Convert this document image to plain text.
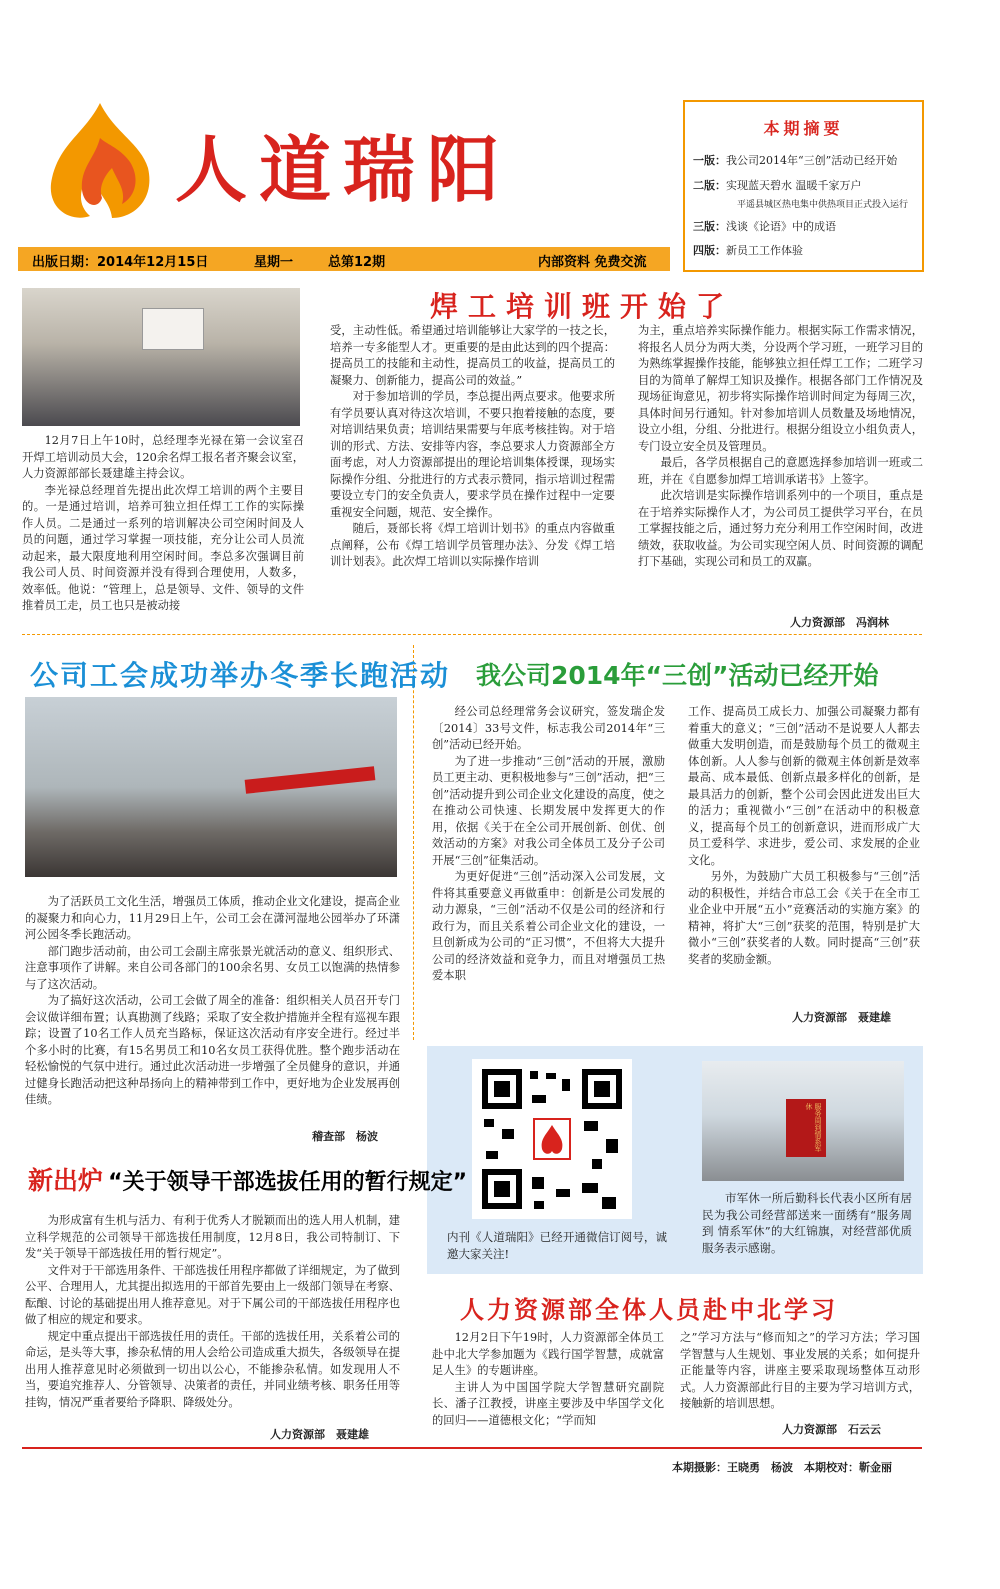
人道瑞阳
出版日期：2014年12月15日	星期一	总第12期	内部资料 免费交流
本期摘要
一版：我公司2014年“三创”活动已经开始
二版：实现蓝天碧水 温暖千家万户
平遥县城区热电集中供热项目正式投入运行
三版：浅谈《论语》中的成语
四版：新员工工作体验
焊工培训班开始了

12月7日上午10时，总经理李光禄在第一会议室召开焊工培训动员大会，120余名焊工报名者齐聚会议室，人力资源部部长聂建雄主持会议。

李光禄总经理首先提出此次焊工培训的两个主要目的。一是通过培训，培养可独立担任焊工工作的实际操作人员。二是通过一系列的培训解决公司空闲时间及人员的问题，通过学习掌握一项技能，充分让公司人员流动起来，最大限度地利用空闲时间。李总多次强调目前我公司人员、时间资源并没有得到合理使用，人数多，效率低。他说：“管理上，总是领导、文件、领导的文件推着员工走，员工也只是被动接

受，主动性低。希望通过培训能够让大家学的一技之长，培养一专多能型人才。更重要的是由此达到的四个提高：提高员工的技能和主动性，提高员工的收益，提高员工的凝聚力、创新能力，提高公司的效益。”

对于参加培训的学员，李总提出两点要求。他要求所有学员要认真对待这次培训，不要只抱着接触的态度，要对培训结果负责；培训结果需要与年底考核挂钩。对于培训的形式、方法、安排等内容，李总要求人力资源部全方面考虑，对人力资源部提出的理论培训集体授课，现场实际操作分组、分批进行的方式表示赞同，指示培训过程需要设立专门的安全负责人，要求学员在操作过程中一定要重视安全问题，规范、安全操作。

随后，聂部长将《焊工培训计划书》的重点内容做重点阐释，公布《焊工培训学员管理办法》、分发《焊工培训计划表》。此次焊工培训以实际操作培训

为主，重点培养实际操作能力。根据实际工作需求情况，将报名人员分为两大类，分设两个学习班，一班学习目的为熟练掌握操作技能，能够独立担任焊工工作；二班学习目的为简单了解焊工知识及操作。根据各部门工作情况及现场征询意见，初步将实际操作培训时间定为每周三次，具体时间另行通知。针对参加培训人员数量及场地情况，设立小组，分组、分批进行。根据分组设立小组负责人，专门设立安全员及管理员。

最后，各学员根据自己的意愿选择参加培训一班或二班，并在《自愿参加焊工培训承诺书》上签字。

此次培训是实际操作培训系列中的一个项目，重点是在于培养实际操作人才，为公司员工提供学习平台，在员工掌握技能之后，通过努力充分利用工作空闲时间，改进绩效，获取收益。为公司实现空闲人员、时间资源的调配打下基础，实现公司和员工的双赢。

人力资源部　冯润林
公司工会成功举办冬季长跑活动

为了活跃员工文化生活，增强员工体质，推动企业文化建设，提高企业的凝聚力和向心力，11月29日上午，公司工会在潇河湿地公园举办了环潇河公园冬季长跑活动。

部门跑步活动前，由公司工会副主席张景光就活动的意义、组织形式、注意事项作了讲解。来自公司各部门的100余名男、女员工以饱满的热情参与了这次活动。

为了搞好这次活动，公司工会做了周全的准备：组织相关人员召开专门会议做详细布置；认真勘测了线路；采取了安全救护措施并全程有巡视车跟踪；设置了10名工作人员充当路标，保证这次活动有序安全进行。经过半个多小时的比赛，有15名男员工和10名女员工获得优胜。整个跑步活动在轻松愉悦的气氛中进行。通过此次活动进一步增强了全员健身的意识，并通过健身长跑活动把这种昂扬向上的精神带到工作中，更好地为企业发展再创佳绩。

稽查部　杨波
我公司2014年“三创”活动已经开始

经公司总经理常务会议研究，签发瑞企发〔2014〕33号文件，标志我公司2014年“三创”活动已经开始。

为了进一步推动“三创”活动的开展，激励员工更主动、更积极地参与“三创”活动，把“三创”活动提升到公司企业文化建设的高度，使之在推动公司快速、长期发展中发挥更大的作用，依据《关于在全公司开展创新、创优、创效活动的方案》对我公司全体员工及分子公司开展“三创”征集活动。

为更好促进“三创”活动深入公司发展，文件将其重要意义再做重申：创新是公司发展的动力源泉，“三创”活动不仅是公司的经济和行政行为，而且关系着公司企业文化的建设，一旦创新成为公司的“正习惯”，不但将大大提升公司的经济效益和竞争力，而且对增强员工热爱本职

工作、提高员工成长力、加强公司凝聚力都有着重大的意义；“三创”活动不是说要人人都去做重大发明创造，而是鼓励每个员工的微观主体创新。人人参与创新的微观主体创新是效率最高、成本最低、创新点最多样化的创新，是最具活力的创新，整个公司会因此迸发出巨大的活力；重视微小“三创”在活动中的积极意义，提高每个员工的创新意识，进而形成广大员工爱科学、求进步，爱公司、求发展的企业文化。

另外，为鼓励广大员工积极参与“三创”活动的积极性，并结合市总工会《关于在全市工业企业中开展“五小”竞赛活动的实施方案》的精神，将扩大“三创”获奖的范围，特别是扩大微小“三创”获奖者的人数。同时提高“三创”获奖者的奖励金额。

人力资源部　聂建雄
内刊《人道瑞阳》已经开通微信订阅号，诚邀大家关注!
服务周到情系军休

市军休一所后勤科长代表小区所有居民为我公司经营部送来一面绣有“服务周到 情系军休”的大红锦旗，对经营部优质服务表示感谢。

新出炉 “关于领导干部选拔任用的暂行规定”

为形成富有生机与活力、有利于优秀人才脱颖而出的选人用人机制，建立科学规范的公司领导干部选拔任用制度，12月8日，我公司特制订、下发“关于领导干部选拔任用的暂行规定”。

文件对于干部选用条件、干部选拔任用程序都做了详细规定，为了做到公平、合理用人，尤其提出拟选用的干部首先要由上一级部门领导在考察、酝酿、讨论的基础提出用人推荐意见。对于下属公司的干部选拔任用程序也做了相应的规定和要求。

规定中重点提出干部选拔任用的责任。干部的选拔任用，关系着公司的命运，是头等大事，掺杂私情的用人会给公司造成重大损失，各级领导在提出用人推荐意见时必须做到一切出以公心，不能掺杂私情。如发现用人不当，要追究推荐人、分管领导、决策者的责任，并同业绩考核、职务任用等挂钩，情况严重者要给予降职、降级处分。

人力资源部　聂建雄
人力资源部全体人员赴中北学习

12月2日下午19时，人力资源部全体员工赴中北大学参加题为《践行国学智慧，成就富足人生》的专题讲座。

主讲人为中国国学院大学智慧研究副院长、潘子江教授，讲座主要涉及中华国学文化的回归——道德根文化；“学而知

之”学习方法与“修而知之”的学习方法；学习国学智慧与人生规划、事业发展的关系；如何提升正能量等内容，讲座主要采取现场整体互动形式。人力资源部此行目的主要为学习培训方式，接触新的培训思想。

人力资源部　石云云
本期摄影：王晓勇　杨波　本期校对：靳金丽
